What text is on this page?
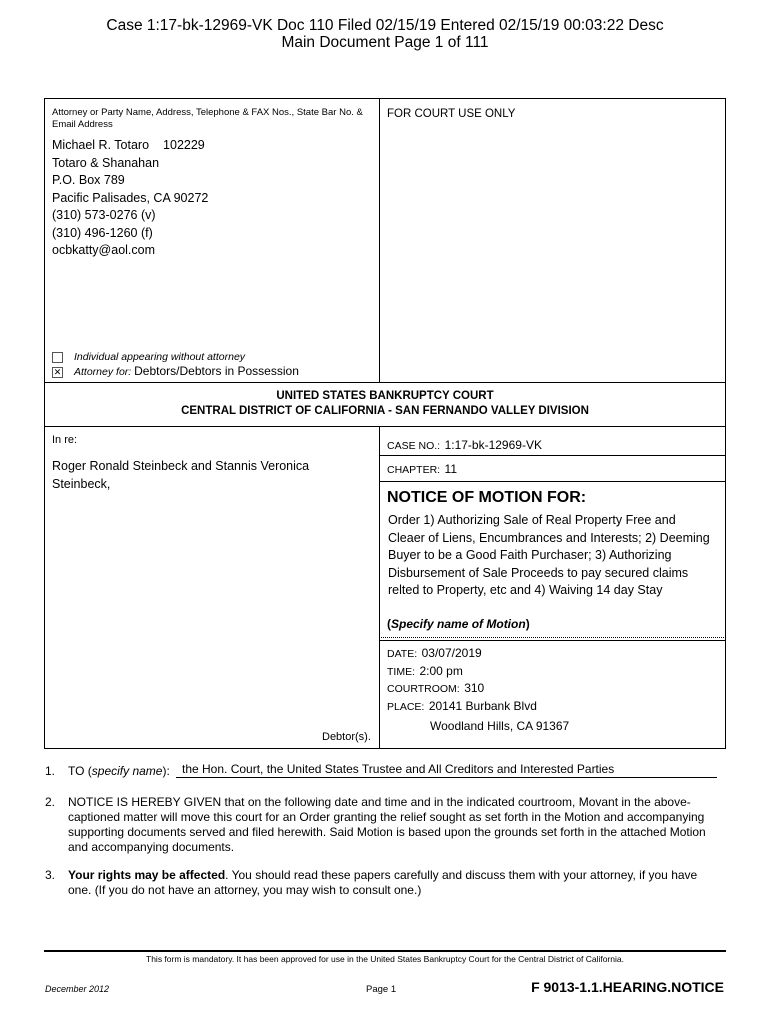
Case 1:17-bk-12969-VK Doc 110 Filed 02/15/19 Entered 02/15/19 00:03:22 Desc
Main Document Page 1 of 111
Attorney or Party Name, Address, Telephone & FAX Nos., State Bar No. & Email Address
Michael R. Totaro 102229
Totaro & Shanahan
P.O. Box 789
Pacific Palisades, CA 90272
(310) 573-0276 (v)
(310) 496-1260 (f)
ocbkatty@aol.com
Individual appearing without attorney
✕ Attorney for: Debtors/Debtors in Possession
FOR COURT USE ONLY
UNITED STATES BANKRUPTCY COURT
CENTRAL DISTRICT OF CALIFORNIA - SAN FERNANDO VALLEY DIVISION
In re:
Roger Ronald Steinbeck and Stannis Veronica
Steinbeck,
Debtor(s).
CASE NO.: 1:17-bk-12969-VK
CHAPTER: 11
NOTICE OF MOTION FOR:
Order 1) Authorizing Sale of Real Property Free and
Cleaer of Liens, Encumbrances and Interests; 2) Deeming
Buyer to be a Good Faith Purchaser; 3) Authorizing
Disbursement of Sale Proceeds to pay secured claims
relted to Property, etc and 4) Waiving 14 day Stay
(Specify name of Motion)
DATE: 03/07/2019
TIME: 2:00 pm
COURTROOM: 310
PLACE: 20141 Burbank Blvd
Woodland Hills, CA 91367
1. TO (specify name): the Hon. Court, the United States Trustee and All Creditors and Interested Parties
2. NOTICE IS HEREBY GIVEN that on the following date and time and in the indicated courtroom, Movant in the above-captioned matter will move this court for an Order granting the relief sought as set forth in the Motion and accompanying supporting documents served and filed herewith. Said Motion is based upon the grounds set forth in the attached Motion and accompanying documents.
3. Your rights may be affected. You should read these papers carefully and discuss them with your attorney, if you have one. (If you do not have an attorney, you may wish to consult one.)
This form is mandatory. It has been approved for use in the United States Bankruptcy Court for the Central District of California.
December 2012	Page 1	F 9013-1.1.HEARING.NOTICE
